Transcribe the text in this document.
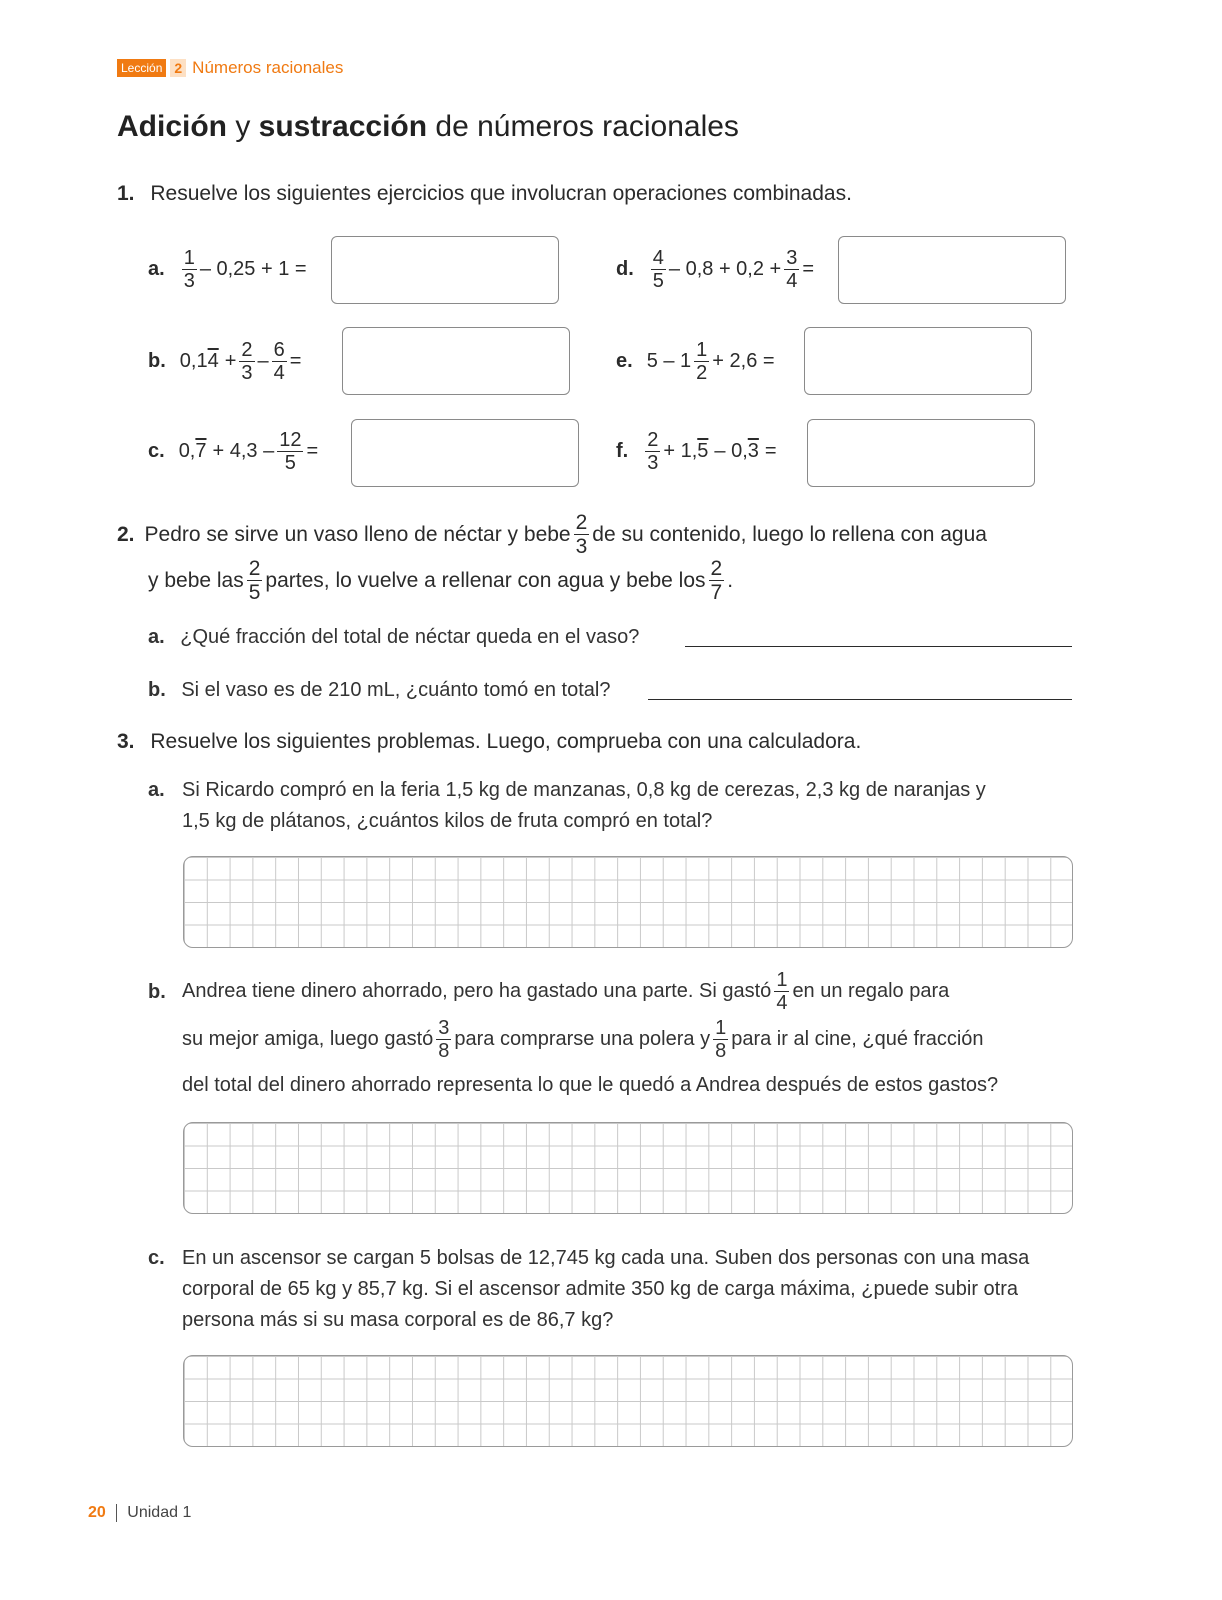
Lección 2 Números racionales
Adición y sustracción de números racionales
1. Resuelve los siguientes ejercicios que involucran operaciones combinadas.
a. $\frac{1}{3} - 0,25 + 1$ =
b. 0,1 $4 + \frac{2}{3} - \frac{6}{4}$ =
c. 0, $7 + 4,3 - \frac{12}{5}$ =
d. $\frac{4}{5} - 0,8 + 0,2 + \frac{3}{4}$ =
e. $5 - 1 \frac{1}{2} + 2,6$ =
f. $\frac{2}{3} + 1$, 5 – 0, 3 =
2. Pedro se sirve un vaso lleno de néctar y bebe $\frac{2}{3}$ de su contenido, luego lo rellena con agua
y bebe las $\frac{2}{5}$ partes, lo vuelve a rellenar con agua y bebe los $\frac{2}{7}$ .
a. ¿Qué fracción del total de néctar queda en el vaso?
b. Si el vaso es de 210 mL, ¿cuánto tomó en total?
3. Resuelve los siguientes problemas. Luego, comprueba con una calculadora.
a. Si Ricardo compró en la feria 1,5 kg de manzanas, 0,8 kg de cerezas, 2,3 kg de naranjas y
1,5 kg de plátanos, ¿cuántos kilos de fruta compró en total?
b. Andrea tiene dinero ahorrado, pero ha gastado una parte. Si gastó $\frac{1}{4}$ en un regalo para
su mejor amiga, luego gastó $\frac{3}{8}$ para comprarse una polera y $\frac{1}{8}$ para ir al cine, ¿qué fracción
del total del dinero ahorrado representa lo que le quedó a Andrea después de estos gastos?
c. En un ascensor se cargan 5 bolsas de 12,745 kg cada una. Suben dos personas con una masa
corporal de 65 kg y 85,7 kg. Si el ascensor admite 350 kg de carga máxima, ¿puede subir otra
persona más si su masa corporal es de 86,7 kg?
20 Unidad 1
